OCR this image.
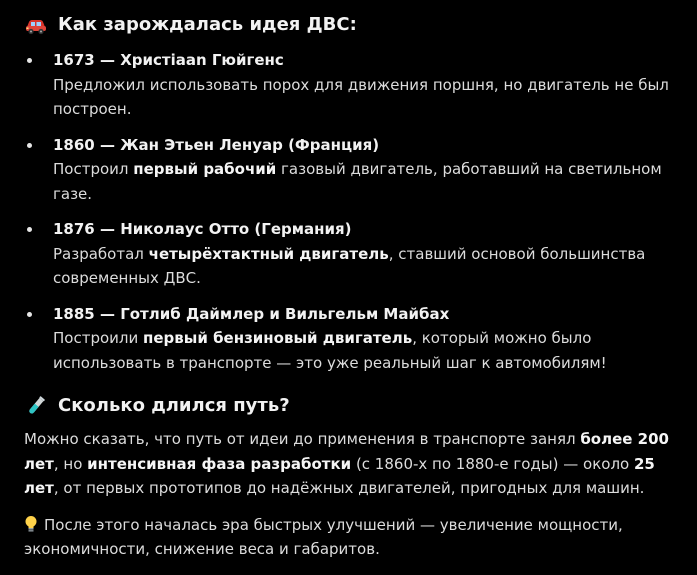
Как зарождалась идея ДВС:
1673 — Христiaan Гюйгенс
Предложил использовать порох для движения поршня, но двигатель не был построен.
1860 — Жан Этьен Ленуар (Франция)
Построил первый рабочий газовый двигатель, работавший на светильном газе.
1876 — Николаус Отто (Германия)
Разработал четырёхтактный двигатель, ставший основой большинства современных ДВС.
1885 — Готлиб Даймлер и Вильгельм Майбах
Построили первый бензиновый двигатель, который можно было использовать в транспорте — это уже реальный шаг к автомобилям!
Сколько длился путь?

Можно сказать, что путь от идеи до применения в транспорте занял более 200 лет, но интенсивная фаза разработки (с 1860-х по 1880-е годы) — около 25 лет, от первых прототипов до надёжных двигателей, пригодных для машин.

После этого началась эра быстрых улучшений — увеличение мощности, экономичности, снижение веса и габаритов.
